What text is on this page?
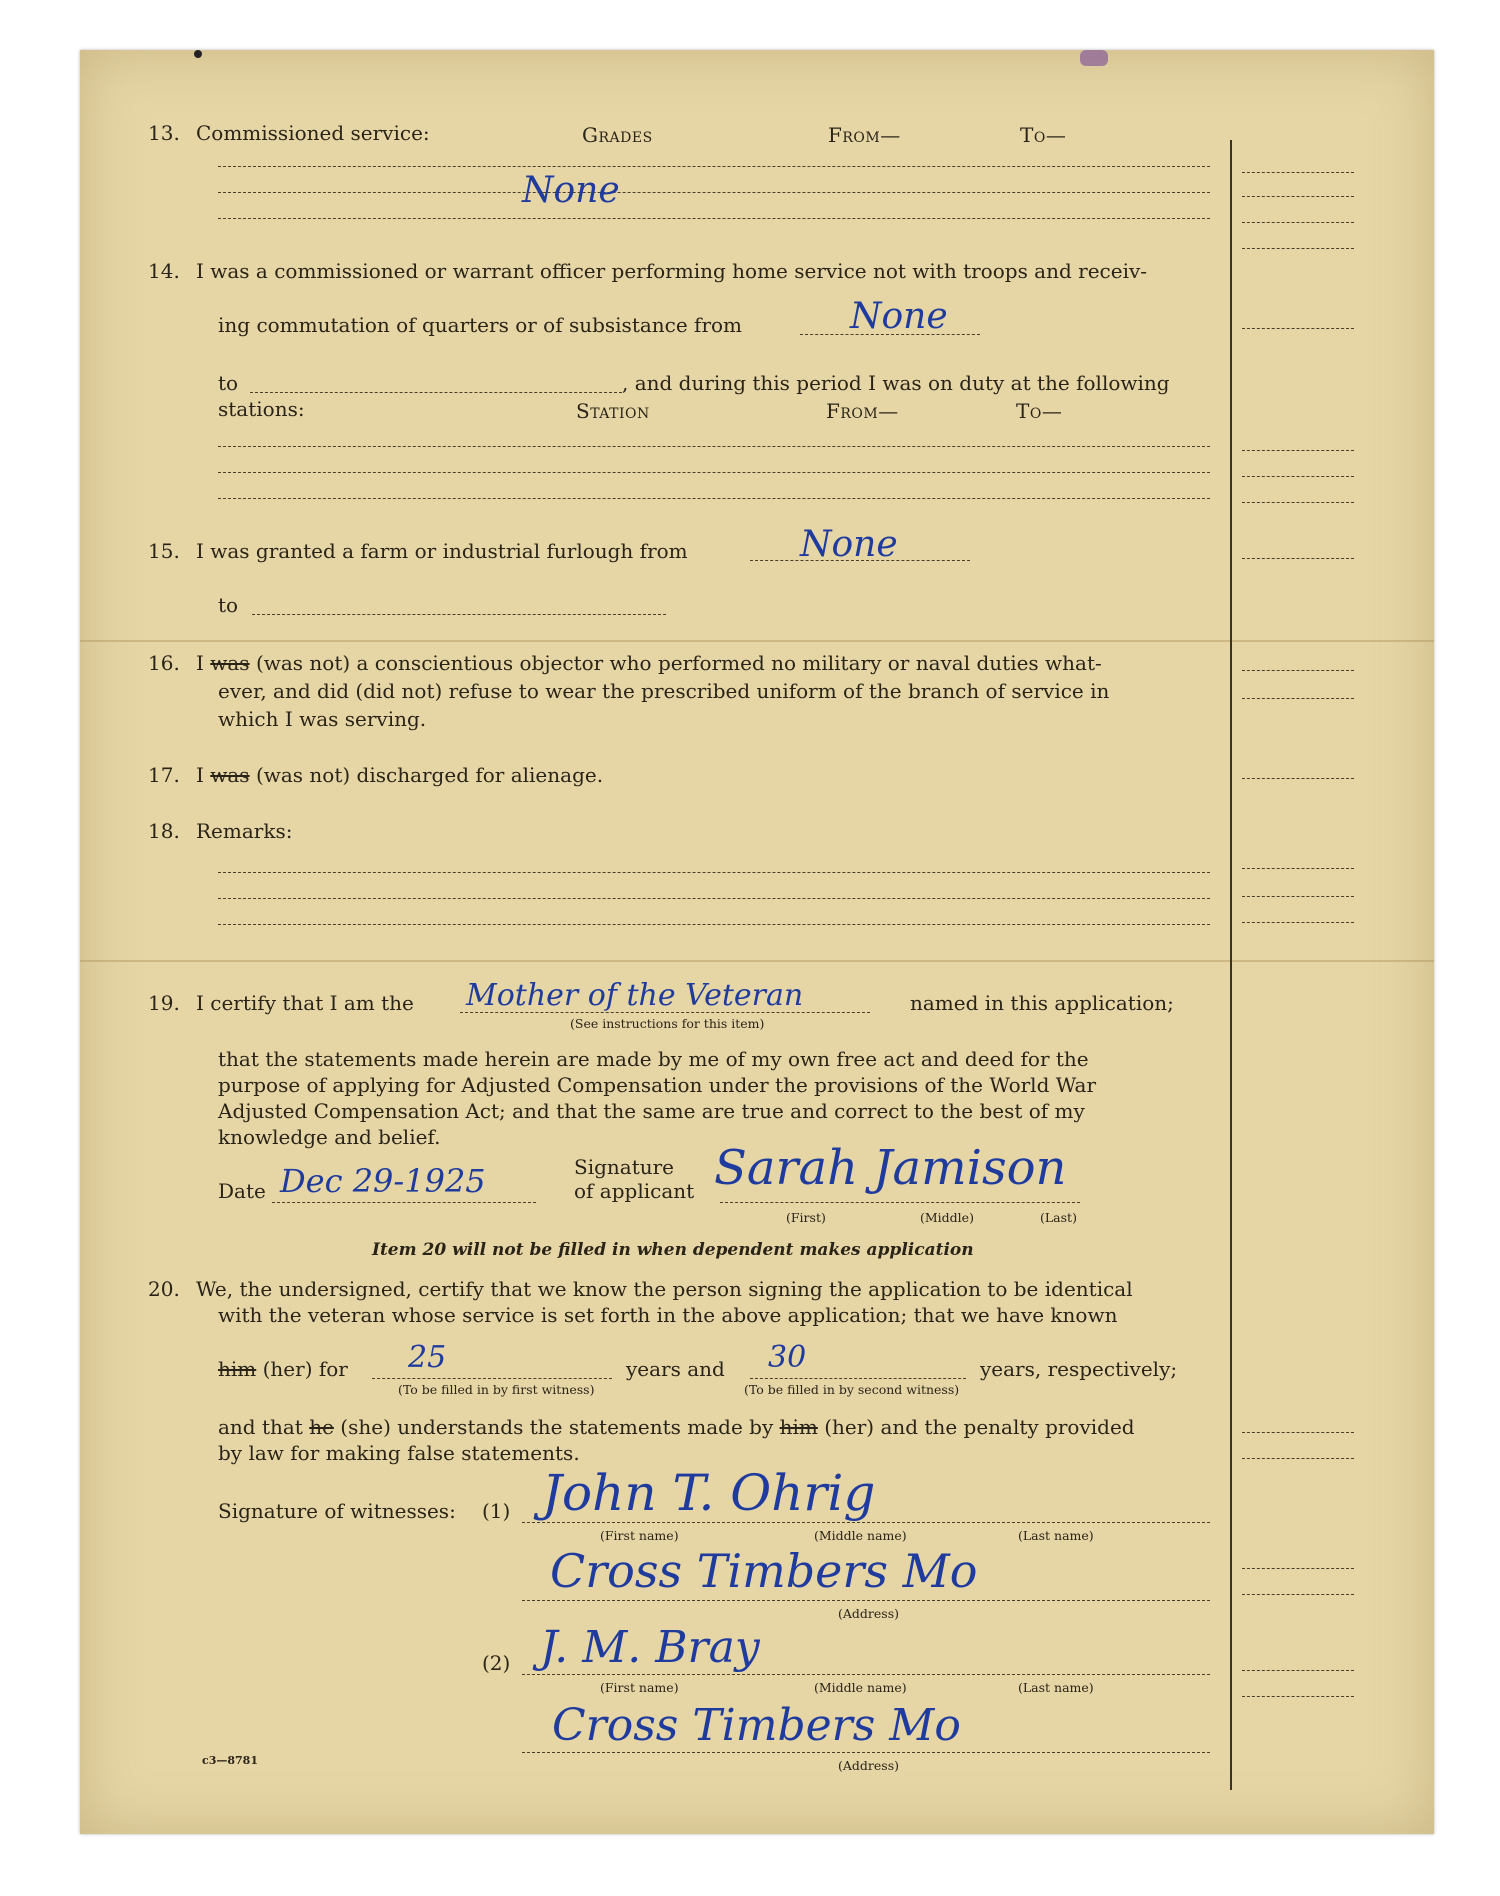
13. Commissioned service:	Grades	From—	To—
None
14. I was a commissioned or warrant officer performing home service not with troops and receiv-
ing commutation of quarters or of subsistance from	None
to	, and during this period I was on duty at the following
stations:	Station	From—	To—
15. I was granted a farm or industrial furlough from	None
to
16. I was (was not) a conscientious objector who performed no military or naval duties what-
ever, and did (did not) refuse to wear the prescribed uniform of the branch of service in
which I was serving.
17. I was (was not) discharged for alienage.
18. Remarks:
19. I certify that I am the Mother of the Veteran	named in this application;
(See instructions for this item)
that the statements made herein are made by me of my own free act and deed for the
purpose of applying for Adjusted Compensation under the provisions of the World War
Adjusted Compensation Act; and that the same are true and correct to the best of my
knowledge and belief.
Date Dec 29-1925	Signature
of applicant Sarah Jamison
(First)	(Middle)	(Last)
Item 20 will not be filled in when dependent makes application
20. We, the undersigned, certify that we know the person signing the application to be identical
with the veteran whose service is set forth in the above application; that we have known
him (her) for 25	years and 30	years, respectively;
(To be filled in by first witness)	(To be filled in by second witness)
and that he (she) understands the statements made by him (her) and the penalty provided
by law for making false statements.
Signature of witnesses: (1) John T. Ohrig
(First name)	(Middle name)	(Last name)
Cross Timbers Mo
(Address)
(2) J. M. Bray
(First name)	(Middle name)	(Last name)
Cross Timbers Mo
(Address)
c3—8781
